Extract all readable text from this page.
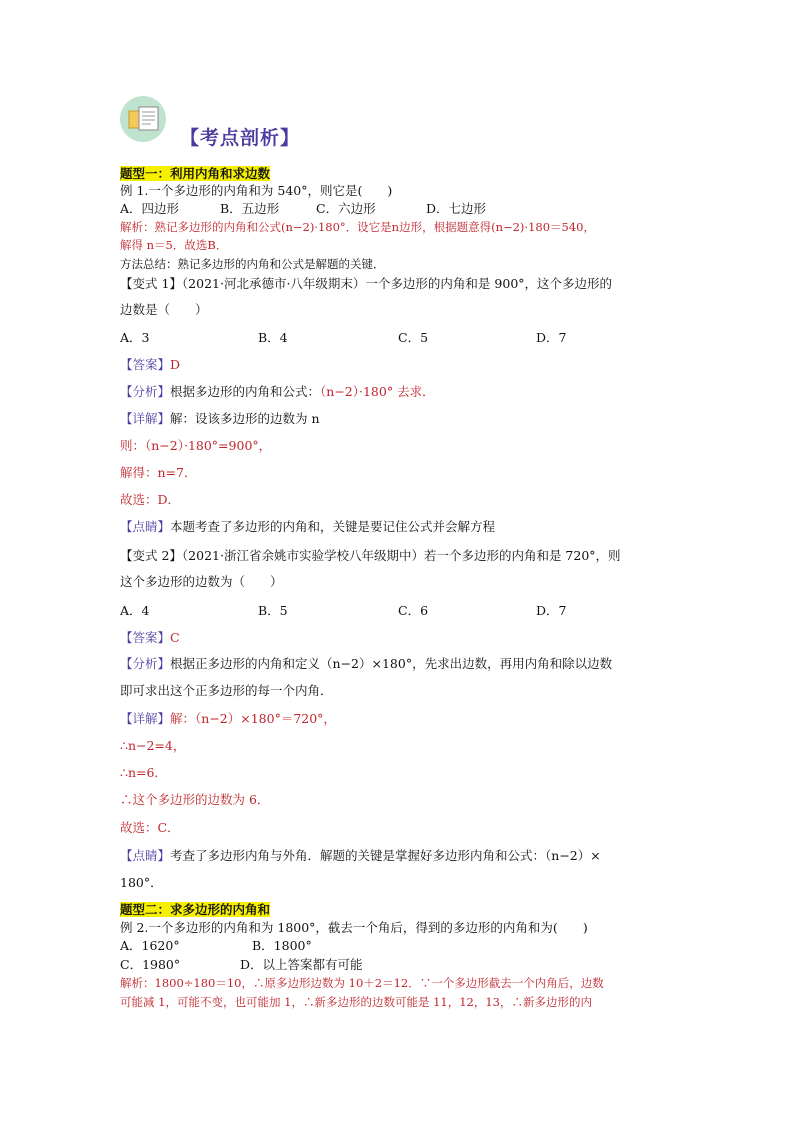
【考点剖析】
题型一：利用内角和求边数
例 1.一个多边形的内角和为 540°，则它是(　　)
A．四边形	B．五边形	C．六边形	D．七边形
解析：熟记多边形的内角和公式(n−2)·180°．设它是n边形，根据题意得(n−2)·180＝540，
解得 n＝5．故选B．
方法总结：熟记多边形的内角和公式是解题的关键．
【变式 1】（2021·河北承德市·八年级期末）一个多边形的内角和是 900°，这个多边形的
边数是（　　）
A．3	B．4	C．5	D．7
【答案】D
【分析】根据多边形的内角和公式：（n−2）·180° 去求．
【详解】解：设该多边形的边数为 n
则：（n−2）·180°=900°，
解得：n=7．
故选：D．
【点睛】本题考查了多边形的内角和，关键是要记住公式并会解方程
【变式 2】（2021·浙江省余姚市实验学校八年级期中）若一个多边形的内角和是 720°，则
这个多边形的边数为（　　）
A．4	B．5	C．6	D．7
【答案】C
【分析】根据正多边形的内角和定义（n−2）×180°，先求出边数，再用内角和除以边数
即可求出这个正多边形的每一个内角．
【详解】解：（n−2）×180°＝720°，
∴n−2=4，
∴n=6．
∴这个多边形的边数为 6．
故选：C．
【点睛】考查了多边形内角与外角．解题的关键是掌握好多边形内角和公式：（n−2）×
180°．
题型二：求多边形的内角和
例 2.一个多边形的内角和为 1800°，截去一个角后，得到的多边形的内角和为(　　)
A．1620°	B．1800°
C．1980°	D．以上答案都有可能
解析：1800÷180＝10，∴原多边形边数为 10＋2＝12．∵一个多边形截去一个内角后，边数
可能减 1，可能不变，也可能加 1，∴新多边形的边数可能是 11，12，13，∴新多边形的内
